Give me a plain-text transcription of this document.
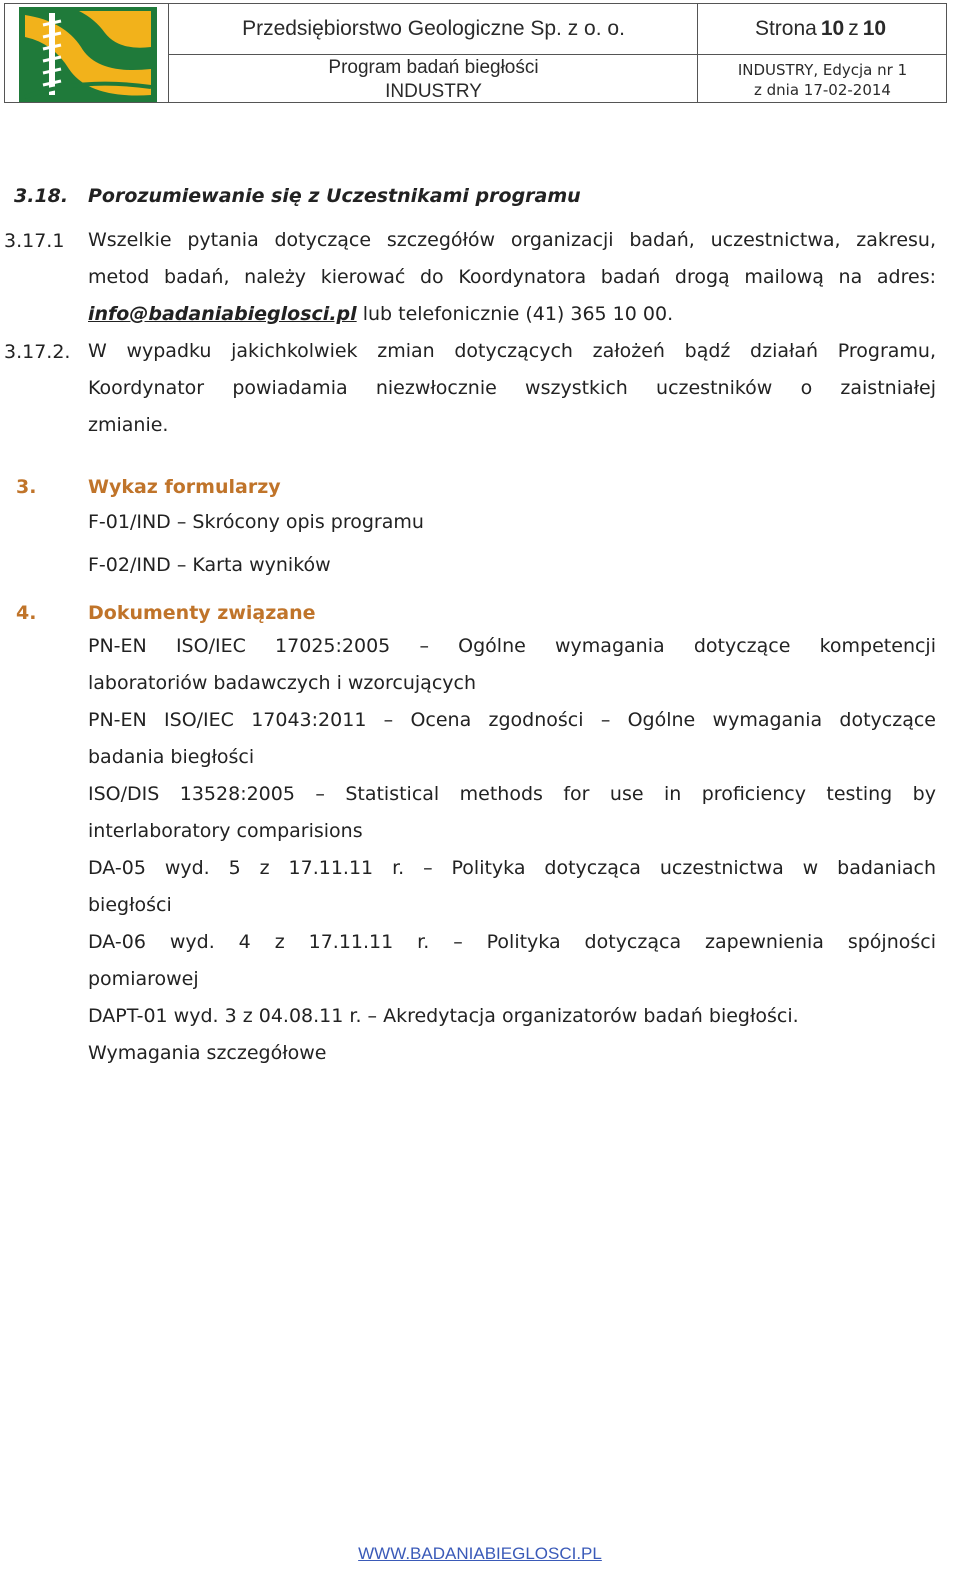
Przedsiębiorstwo Geologiczne Sp. z o. o.	Strona 10 z 10
Program badań biegłości
INDUSTRY
INDUSTRY, Edycja nr 1
z dnia 17-02-2014
3.18. Porozumiewanie się z Uczestnikami programu
3.17.1 Wszelkie pytania dotyczące szczegółów organizacji badań, uczestnictwa, zakresu,
metod badań, należy kierować do Koordynatora badań drogą mailową na adres:
info@badaniabieglosci.pl lub telefonicznie (41) 365 10 00.
3.17.2. W wypadku jakichkolwiek zmian dotyczących założeń bądź działań Programu,
Koordynator powiadamia niezwłocznie wszystkich uczestników o zaistniałej
zmianie.
3.	Wykaz formularzy
F-01/IND – Skrócony opis programu
F-02/IND – Karta wyników
4.	Dokumenty związane
PN-EN ISO/IEC 17025:2005 – Ogólne wymagania dotyczące kompetencji
laboratoriów badawczych i wzorcujących
PN-EN ISO/IEC 17043:2011 – Ocena zgodności – Ogólne wymagania dotyczące
badania biegłości
ISO/DIS 13528:2005 – Statistical methods for use in proficiency testing by
interlaboratory comparisions
DA-05 wyd. 5 z 17.11.11 r. – Polityka dotycząca uczestnictwa w badaniach
biegłości
DA-06 wyd. 4 z 17.11.11 r. – Polityka dotycząca zapewnienia spójności
pomiarowej
DAPT-01 wyd. 3 z 04.08.11 r. – Akredytacja organizatorów badań biegłości.
Wymagania szczegółowe
WWW.BADANIABIEGLOSCI.PL
